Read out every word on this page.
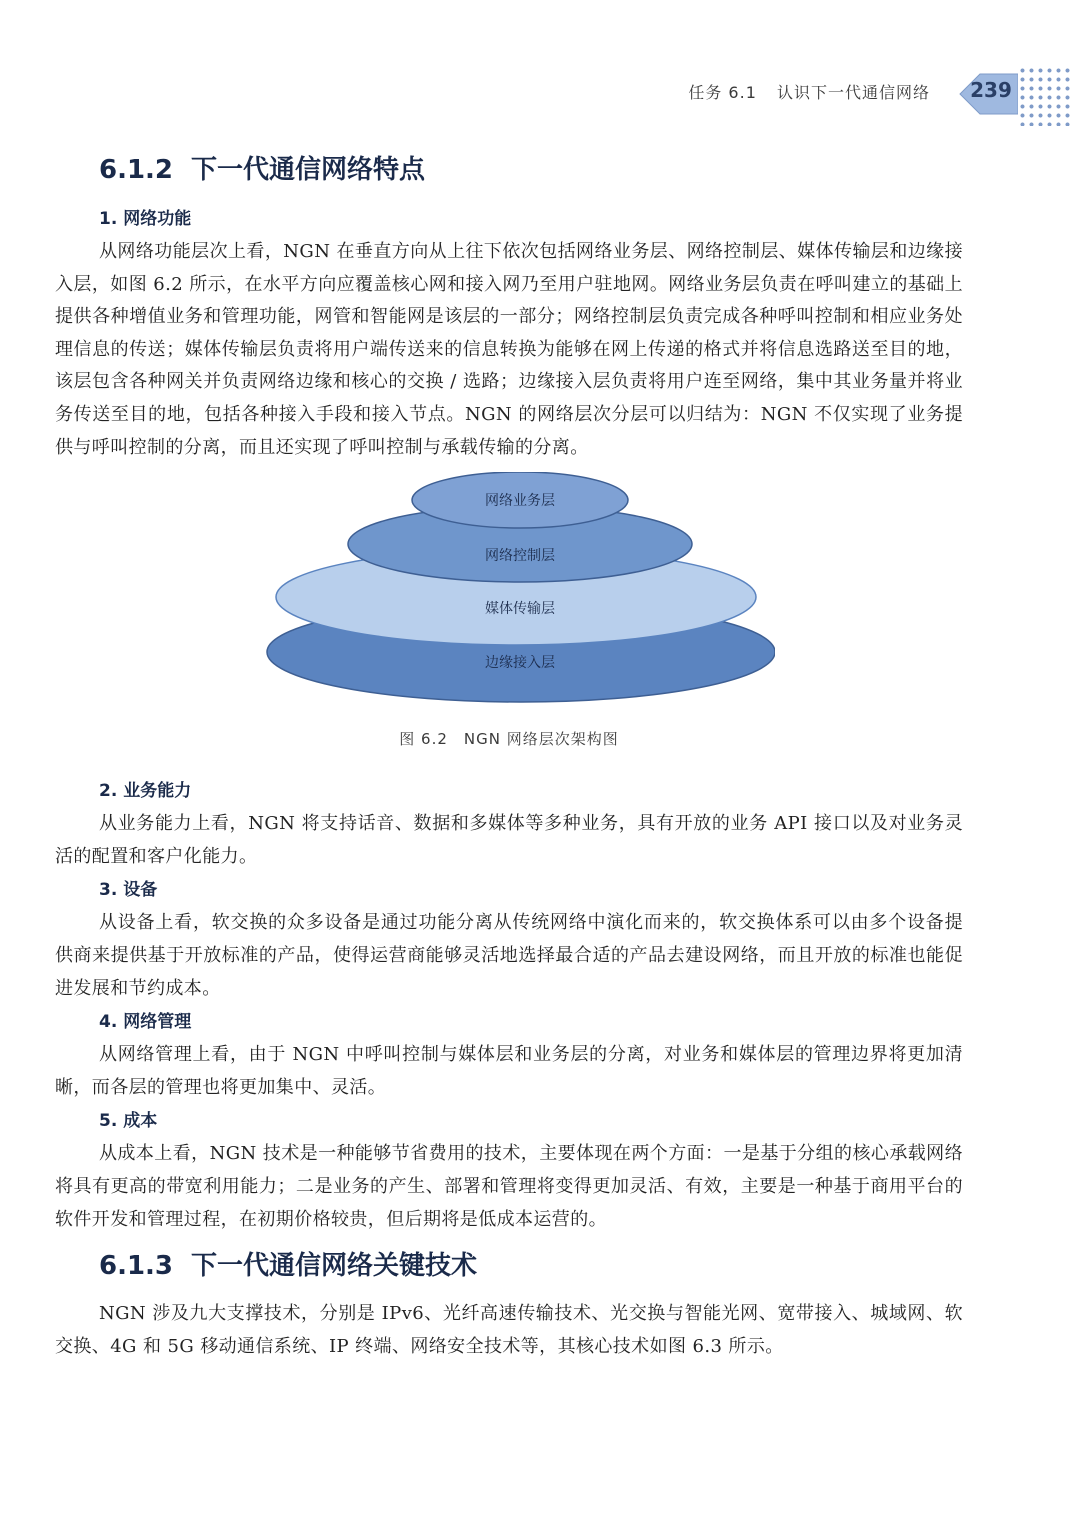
任务 6.1 认识下一代通信网络 239
6.1.2 下一代通信网络特点
1. 网络功能

从网络功能层次上看，NGN 在垂直方向从上往下依次包括网络业务层、网络控制层、媒体传输层和边缘接入层，如图 6.2 所示，在水平方向应覆盖核心网和接入网乃至用户驻地网。网络业务层负责在呼叫建立的基础上提供各种增值业务和管理功能，网管和智能网是该层的一部分；网络控制层负责完成各种呼叫控制和相应业务处理信息的传送；媒体传输层负责将用户端传送来的信息转换为能够在网上传递的格式并将信息选路送至目的地，该层包含各种网关并负责网络边缘和核心的交换 / 选路；边缘接入层负责将用户连至网络，集中其业务量并将业务传送至目的地，包括各种接入手段和接入节点。NGN 的网络层次分层可以归结为：NGN 不仅实现了业务提供与呼叫控制的分离，而且还实现了呼叫控制与承载传输的分离。

网络业务层
网络控制层
媒体传输层
边缘接入层
图 6.2　NGN 网络层次架构图
2. 业务能力

从业务能力上看，NGN 将支持话音、数据和多媒体等多种业务，具有开放的业务 API 接口以及对业务灵活的配置和客户化能力。

3. 设备

从设备上看，软交换的众多设备是通过功能分离从传统网络中演化而来的，软交换体系可以由多个设备提供商来提供基于开放标准的产品，使得运营商能够灵活地选择最合适的产品去建设网络，而且开放的标准也能促进发展和节约成本。

4. 网络管理

从网络管理上看，由于 NGN 中呼叫控制与媒体层和业务层的分离，对业务和媒体层的管理边界将更加清晰，而各层的管理也将更加集中、灵活。

5. 成本

从成本上看，NGN 技术是一种能够节省费用的技术，主要体现在两个方面：一是基于分组的核心承载网络将具有更高的带宽利用能力；二是业务的产生、部署和管理将变得更加灵活、有效，主要是一种基于商用平台的软件开发和管理过程，在初期价格较贵，但后期将是低成本运营的。

6.1.3 下一代通信网络关键技术

NGN 涉及九大支撑技术，分别是 IPv6、光纤高速传输技术、光交换与智能光网、宽带接入、城域网、软交换、4G 和 5G 移动通信系统、IP 终端、网络安全技术等，其核心技术如图 6.3 所示。
